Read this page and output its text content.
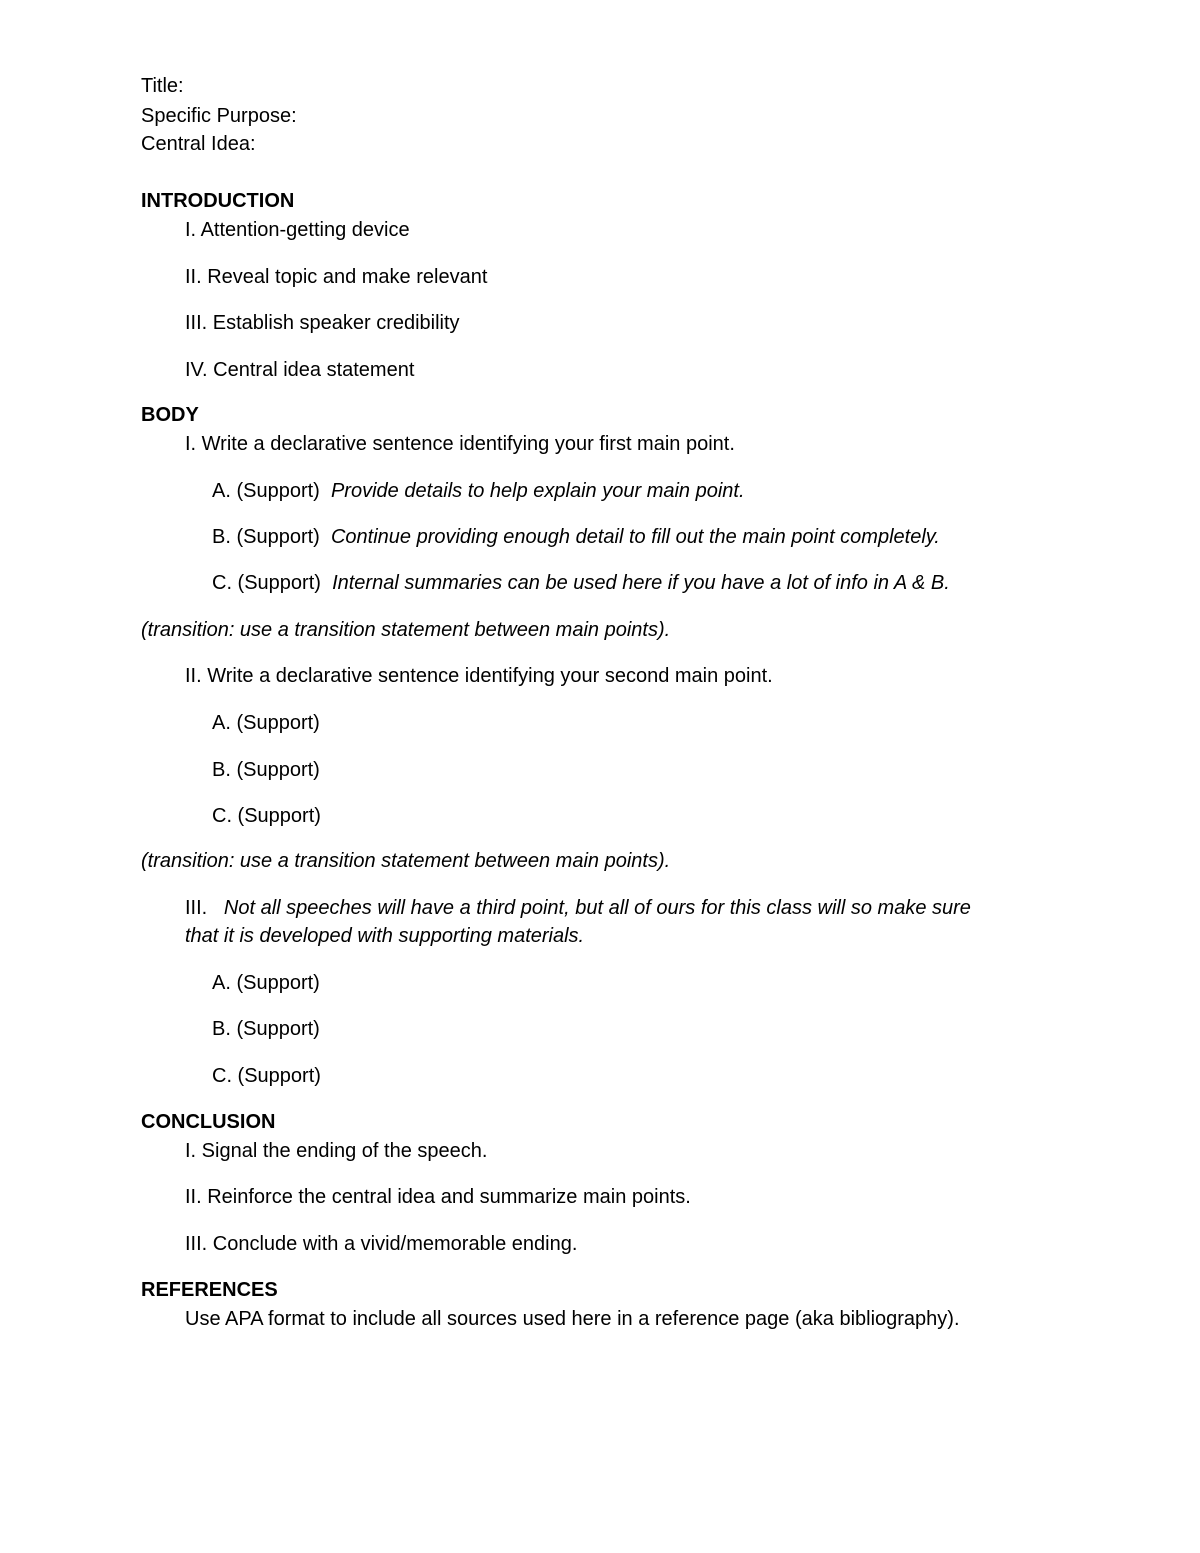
Title:
Specific Purpose:
Central Idea:
INTRODUCTION
I. Attention-getting device
II. Reveal topic and make relevant
III. Establish speaker credibility
IV. Central idea statement
BODY
I. Write a declarative sentence identifying your first main point.
A. (Support) Provide details to help explain your main point.
B. (Support) Continue providing enough detail to fill out the main point completely.
C. (Support) Internal summaries can be used here if you have a lot of info in A & B.
(transition: use a transition statement between main points).
II. Write a declarative sentence identifying your second main point.
A. (Support)
B. (Support)
C. (Support)
(transition: use a transition statement between main points).
III. Not all speeches will have a third point, but all of ours for this class will so make sure
that it is developed with supporting materials.
A. (Support)
B. (Support)
C. (Support)
CONCLUSION
I. Signal the ending of the speech.
II. Reinforce the central idea and summarize main points.
III. Conclude with a vivid/memorable ending.
REFERENCES
Use APA format to include all sources used here in a reference page (aka bibliography).
